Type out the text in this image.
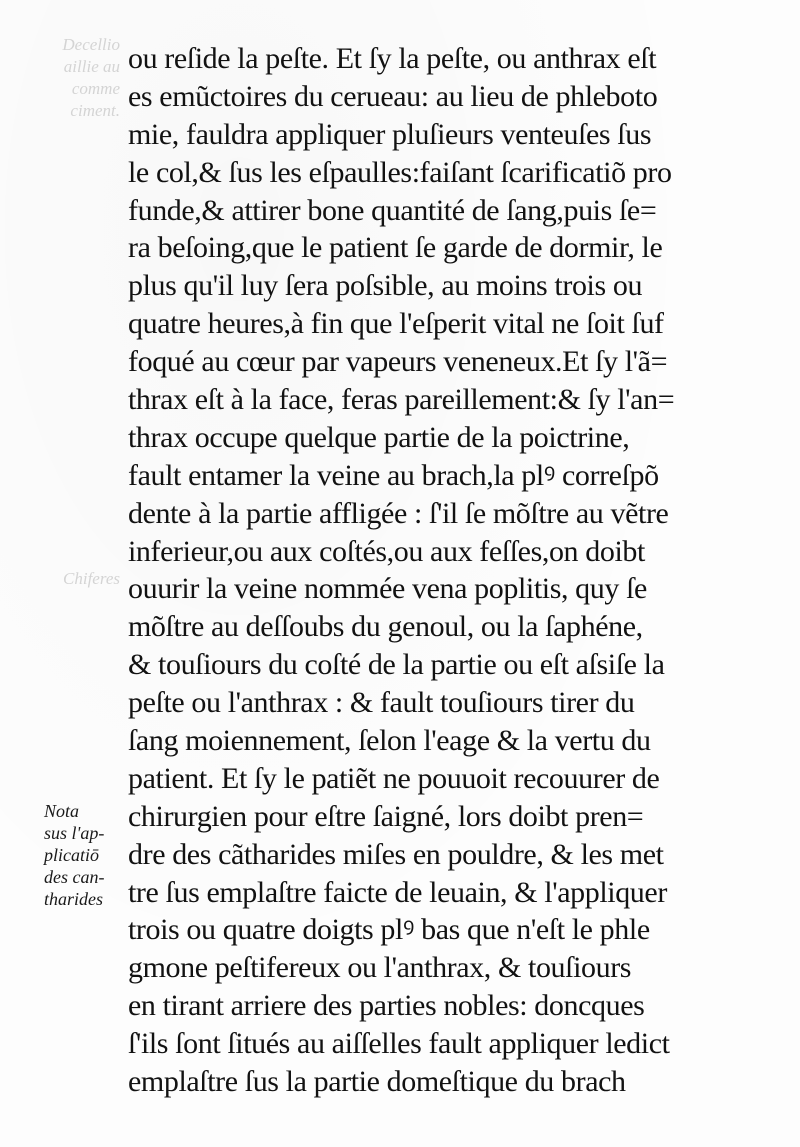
Decellio
aillie au
comme
ciment.
Chiferes
ou reſide la peſte. Et ſy la peſte, ou anthrax eſt
es emũctoires du cerueau: au lieu de phleboto
mie, fauldra appliquer pluſieurs venteuſes ſus
le col,& ſus les eſpaulles:faiſant ſcarificatiõ pro
funde,& attirer bone quantité de ſang,puis ſe=
ra beſoing,que le patient ſe garde de dormir, le
plus qu'il luy ſera poſsible, au moins trois ou
quatre heures,à fin que l'eſperit vital ne ſoit ſuf
foqué au cœur par vapeurs veneneux.Et ſy l'ã=
thrax eſt à la face, feras pareillement:& ſy l'an=
thrax occupe quelque partie de la poictrine,
fault entamer la veine au brach,la plꝰ correſpõ
dente à la partie affligée : ſ'il ſe mõſtre au vẽtre
inferieur,ou aux coſtés,ou aux feſſes,on doibt
ouurir la veine nommée vena poplitis, quy ſe
mõſtre au deſſoubs du genoul, ou la ſaphéne,
& touſiours du coſté de la partie ou eſt aſsiſe la
peſte ou l'anthrax : & fault touſiours tirer du
ſang moiennement, ſelon l'eage & la vertu du
patient. Et ſy le patiẽt ne pouuoit recouurer de
chirurgien pour eſtre ſaigné, lors doibt pren=
dre des cãtharides miſes en pouldre, & les met
tre ſus emplaſtre faicte de leuain, & l'appliquer
trois ou quatre doigts plꝰ bas que n'eſt le phle
gmone peſtifereux ou l'anthrax, & touſiours
en tirant arriere des parties nobles: doncques
ſ'ils ſont ſitués au aiſſelles fault appliquer ledict
emplaſtre ſus la partie domeſtique du brach
Nota
sus l'ap-
plicatiō
des can-
tharides
